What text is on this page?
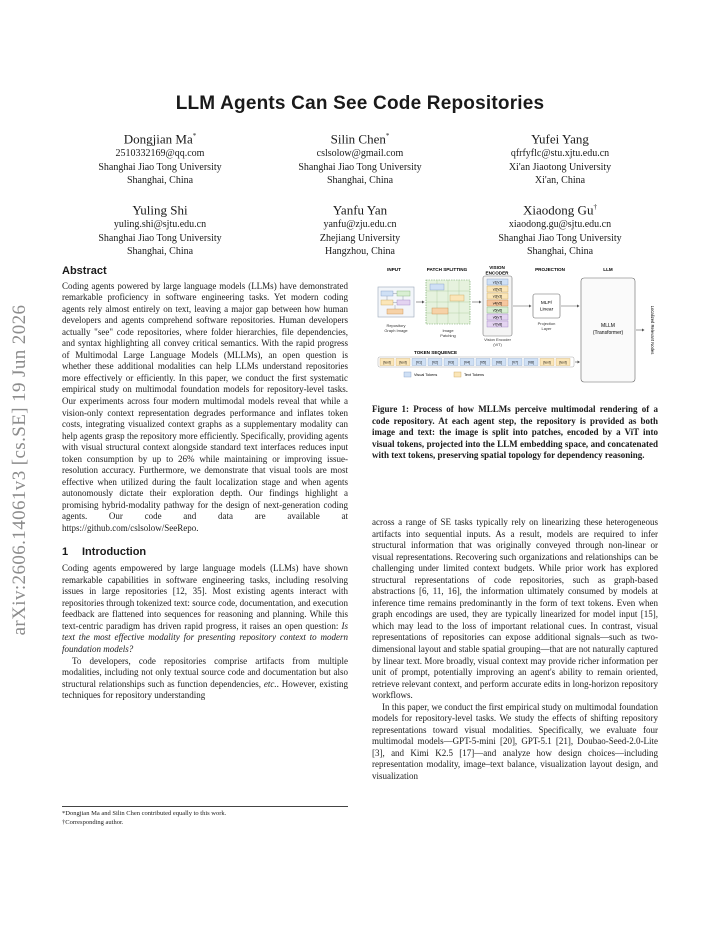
LLM Agents Can See Code Repositories
arXiv:2606.14061v3 [cs.SE] 19 Jun 2026
Dongjian Ma*
2510332169@qq.com
Shanghai Jiao Tong University
Shanghai, China
Silin Chen*
cslsolow@gmail.com
Shanghai Jiao Tong University
Shanghai, China
Yufei Yang
qfrfyflc@stu.xjtu.edu.cn
Xi'an Jiaotong University
Xi'an, China
Yuling Shi
yuling.shi@sjtu.edu.cn
Shanghai Jiao Tong University
Shanghai, China
Yanfu Yan
yanfu@zju.edu.cn
Zhejiang University
Hangzhou, China
Xiaodong Gu†
xiaodong.gu@sjtu.edu.cn
Shanghai Jiao Tong University
Shanghai, China
Abstract

Coding agents powered by large language models (LLMs) have demonstrated remarkable proficiency in software engineering tasks. Yet modern coding agents rely almost entirely on text, leaving a major gap between how human developers and agents comprehend software repositories. Human developers actually "see" code repositories, where folder hierarchies, file dependencies, and syntax highlighting all convey critical semantics. With the rapid progress of Multimodal Large Language Models (MLLMs), an open question is whether these additional modalities can help LLMs understand repositories more effectively or efficiently. In this paper, we conduct the first systematic empirical study on multimodal foundation models for repository-level tasks. Our experiments across four modern multimodal models reveal that while a vision-only context representation degrades performance and inflates token costs, integrating visualized context graphs as a supplementary modality can help agents grasp the repository more efficiently. Specifically, providing agents with visual structural context alongside standard text interfaces reduces input token consumption by up to 26% while maintaining or improving issue-resolution accuracy. Furthermore, we demonstrate that visual tools are most effective when utilized during the fault localization stage and when agents autonomously dictate their exploration depth. Our findings highlight a promising hybrid-modality pathway for the design of next-generation coding agents. Our code and data are available at https://github.com/cslsolow/SeeRepo.

1 Introduction

Coding agents empowered by large language models (LLMs) have shown remarkable capabilities in software engineering tasks, including resolving issues in large repositories [12, 35]. Most existing agents interact with repositories through tokenized text: source code, documentation, and execution feedback are flattened into sequences for reasoning and planning. While this text-centric paradigm has driven rapid progress, it raises an open question: Is text the most effective modality for presenting repository context to modern foundation models?

To developers, code repositories comprise artifacts from multiple modalities, including not only textual source code and documentation but also structural relationships such as function dependencies, etc.. However, existing techniques for repository understanding

*Dongjian Ma and Silin Chen contributed equally to this work.
†Corresponding author.
INPUT	PATCH SPLITTING	VISION
ENCODER
PROJECTION	LLM
Repository
Graph Image	Image
Patching
v1[v1]
v2[v2]
v3[v3]
v4[v5]
v5[v6]
v6[v7]
v7[v8]
Vision Encoder
(ViT)
MLP/
Linear
Projection
Layer	MLLM
(Transformer)	Localized Relevant Nodes
TOKEN SEQUENCE
[text]	[text]	[V1]	[V2]	[V3]	[V4]	[V5]	[V6]	[V7]	[V8]	[text]	[text]
Visual Tokens	Text Tokens
Figure 1: Process of how MLLMs perceive multimodal rendering of a code repository. At each agent step, the repository is provided as both image and text: the image is split into patches, encoded by a ViT into visual tokens, projected into the LLM embedding space, and concatenated with text tokens, preserving spatial topology for dependency reasoning.

across a range of SE tasks typically rely on linearizing these heterogeneous artifacts into sequential inputs. As a result, models are required to infer structural information that was originally conveyed through non-linear or visual representations. Recovering such organizations and relationships can be challenging under limited context budgets. While prior work has explored structural representations of code repositories, such as graph-based abstractions [6, 11, 16], the information ultimately consumed by models at inference time remains predominantly in the form of text tokens. Even when graph encodings are used, they are typically linearized for model input [15], which may lead to the loss of important relational cues. In contrast, visual representations of repositories can expose additional signals—such as two-dimensional layout and stable spatial grouping—that are not naturally captured by linear text. More broadly, visual context may provide richer information per unit of prompt, potentially improving an agent's ability to remain oriented, retrieve relevant context, and perform accurate edits in long-horizon repository workflows.

In this paper, we conduct the first empirical study on multimodal foundation models for repository-level tasks. We study the effects of shifting repository representations toward visual modalities. Specifically, we evaluate four multimodal models—GPT-5-mini [20], GPT-5.1 [21], Doubao-Seed-2.0-Lite [3], and Kimi K2.5 [17]—and analyze how design choices—including representation modality, image–text balance, visualization layout design, and visualization
